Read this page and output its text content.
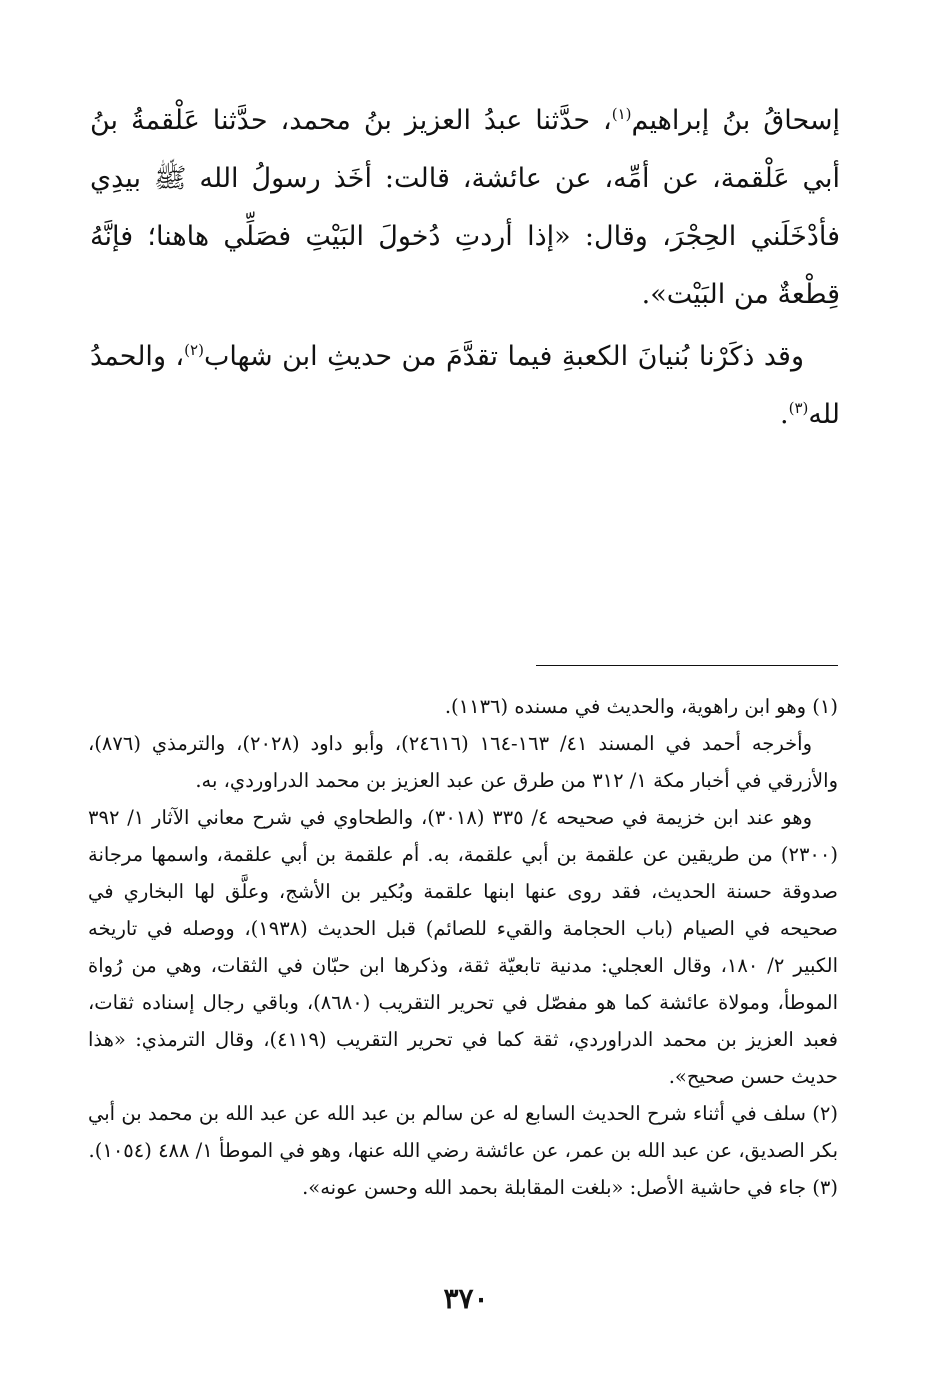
إسحاقُ بنُ إبراهيم$^{(١)}$، حدَّثنا عبدُ العزيز بنُ محمد، حدَّثنا عَلْقمةُ بنُ أبي عَلْقمة، عن أمِّه، عن عائشة، قالت: أخَذ رسولُ الله ﷺ بيدِي فأدْخَلَني الحِجْرَ، وقال: «إذا أردتِ دُخولَ البَيْتِ فصَلِّي هاهنا؛ فإنَّهُ قِطْعةٌ من البَيْت».

وقد ذكَرْنا بُنيانَ الكعبةِ فيما تقدَّمَ من حديثِ ابن شهاب$^{(٢)}$، والحمدُ لله$^{(٣)}$.

(١) وهو ابن راهوية، والحديث في مسنده (١١٣٦).

وأخرجه أحمد في المسند ٤١/ ١٦٣-١٦٤ (٢٤٦١٦)، وأبو داود (٢٠٢٨)، والترمذي (٨٧٦)، والأزرقي في أخبار مكة ١/ ٣١٢ من طرق عن عبد العزيز بن محمد الدراوردي، به.

وهو عند ابن خزيمة في صحيحه ٤/ ٣٣٥ (٣٠١٨)، والطحاوي في شرح معاني الآثار ١/ ٣٩٢ (٢٣٠٠) من طريقين عن علقمة بن أبي علقمة، به. أم علقمة بن أبي علقمة، واسمها مرجانة صدوقة حسنة الحديث، فقد روى عنها ابنها علقمة وبُكير بن الأشج، وعلَّق لها البخاري في صحيحه في الصيام (باب الحجامة والقيء للصائم) قبل الحديث (١٩٣٨)، ووصله في تاريخه الكبير ٢/ ١٨٠، وقال العجلي: مدنية تابعيّة ثقة، وذكرها ابن حبّان في الثقات، وهي من رُواة الموطأ، ومولاة عائشة كما هو مفصّل في تحرير التقريب (٨٦٨٠)، وباقي رجال إسناده ثقات، فعبد العزيز بن محمد الدراوردي، ثقة كما في تحرير التقريب (٤١١٩)، وقال الترمذي: «هذا حديث حسن صحيح».

(٢) سلف في أثناء شرح الحديث السابع له عن سالم بن عبد الله عن عبد الله بن محمد بن أبي بكر الصديق، عن عبد الله بن عمر، عن عائشة رضي الله عنها، وهو في الموطأ ١/ ٤٨٨ (١٠٥٤).

(٣) جاء في حاشية الأصل: «بلغت المقابلة بحمد الله وحسن عونه».

٣٧٠
